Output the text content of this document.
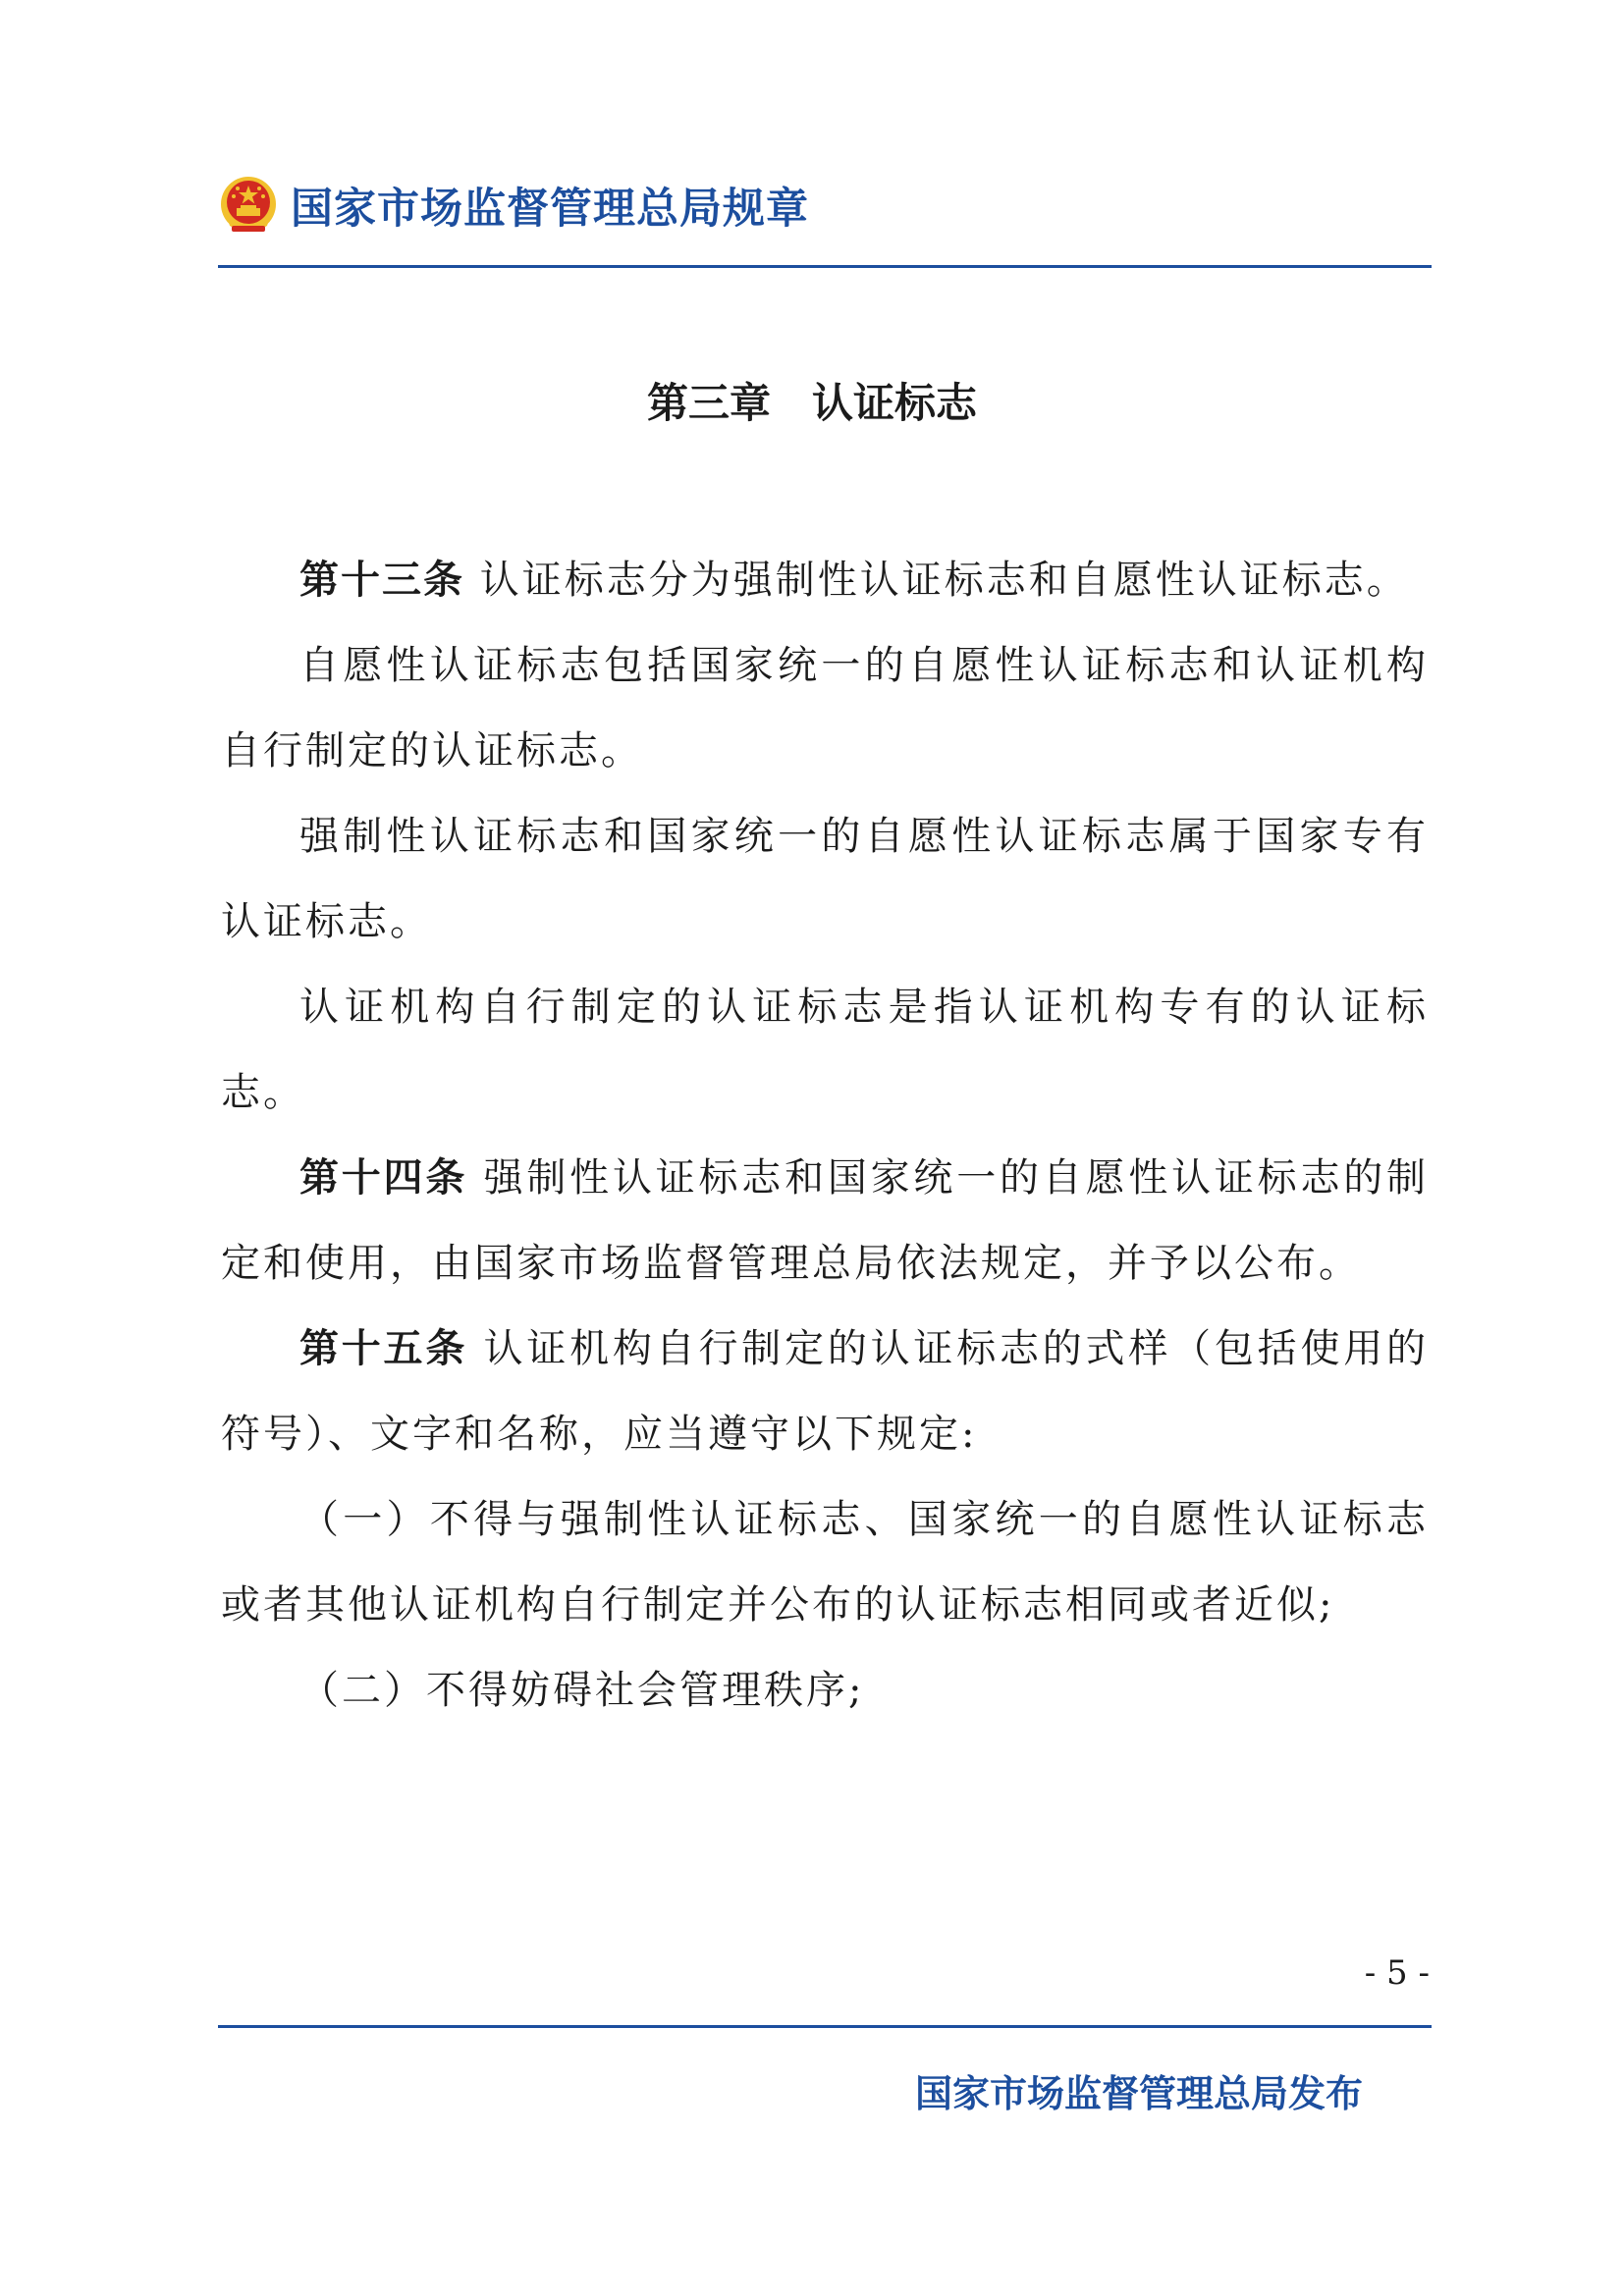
国家市场监督管理总局规章
第三章　认证标志

第十三条 认证标志分为强制性认证标志和自愿性认证标志。

自愿性认证标志包括国家统一的自愿性认证标志和认证机构自行制定的认证标志。

强制性认证标志和国家统一的自愿性认证标志属于国家专有认证标志。

认证机构自行制定的认证标志是指认证机构专有的认证标志。

第十四条 强制性认证标志和国家统一的自愿性认证标志的制定和使用，由国家市场监督管理总局依法规定，并予以公布。

第十五条 认证机构自行制定的认证标志的式样（包括使用的符号）、文字和名称，应当遵守以下规定:

（一）不得与强制性认证标志、国家统一的自愿性认证标志或者其他认证机构自行制定并公布的认证标志相同或者近似;

（二）不得妨碍社会管理秩序;

- 5 -
国家市场监督管理总局发布
